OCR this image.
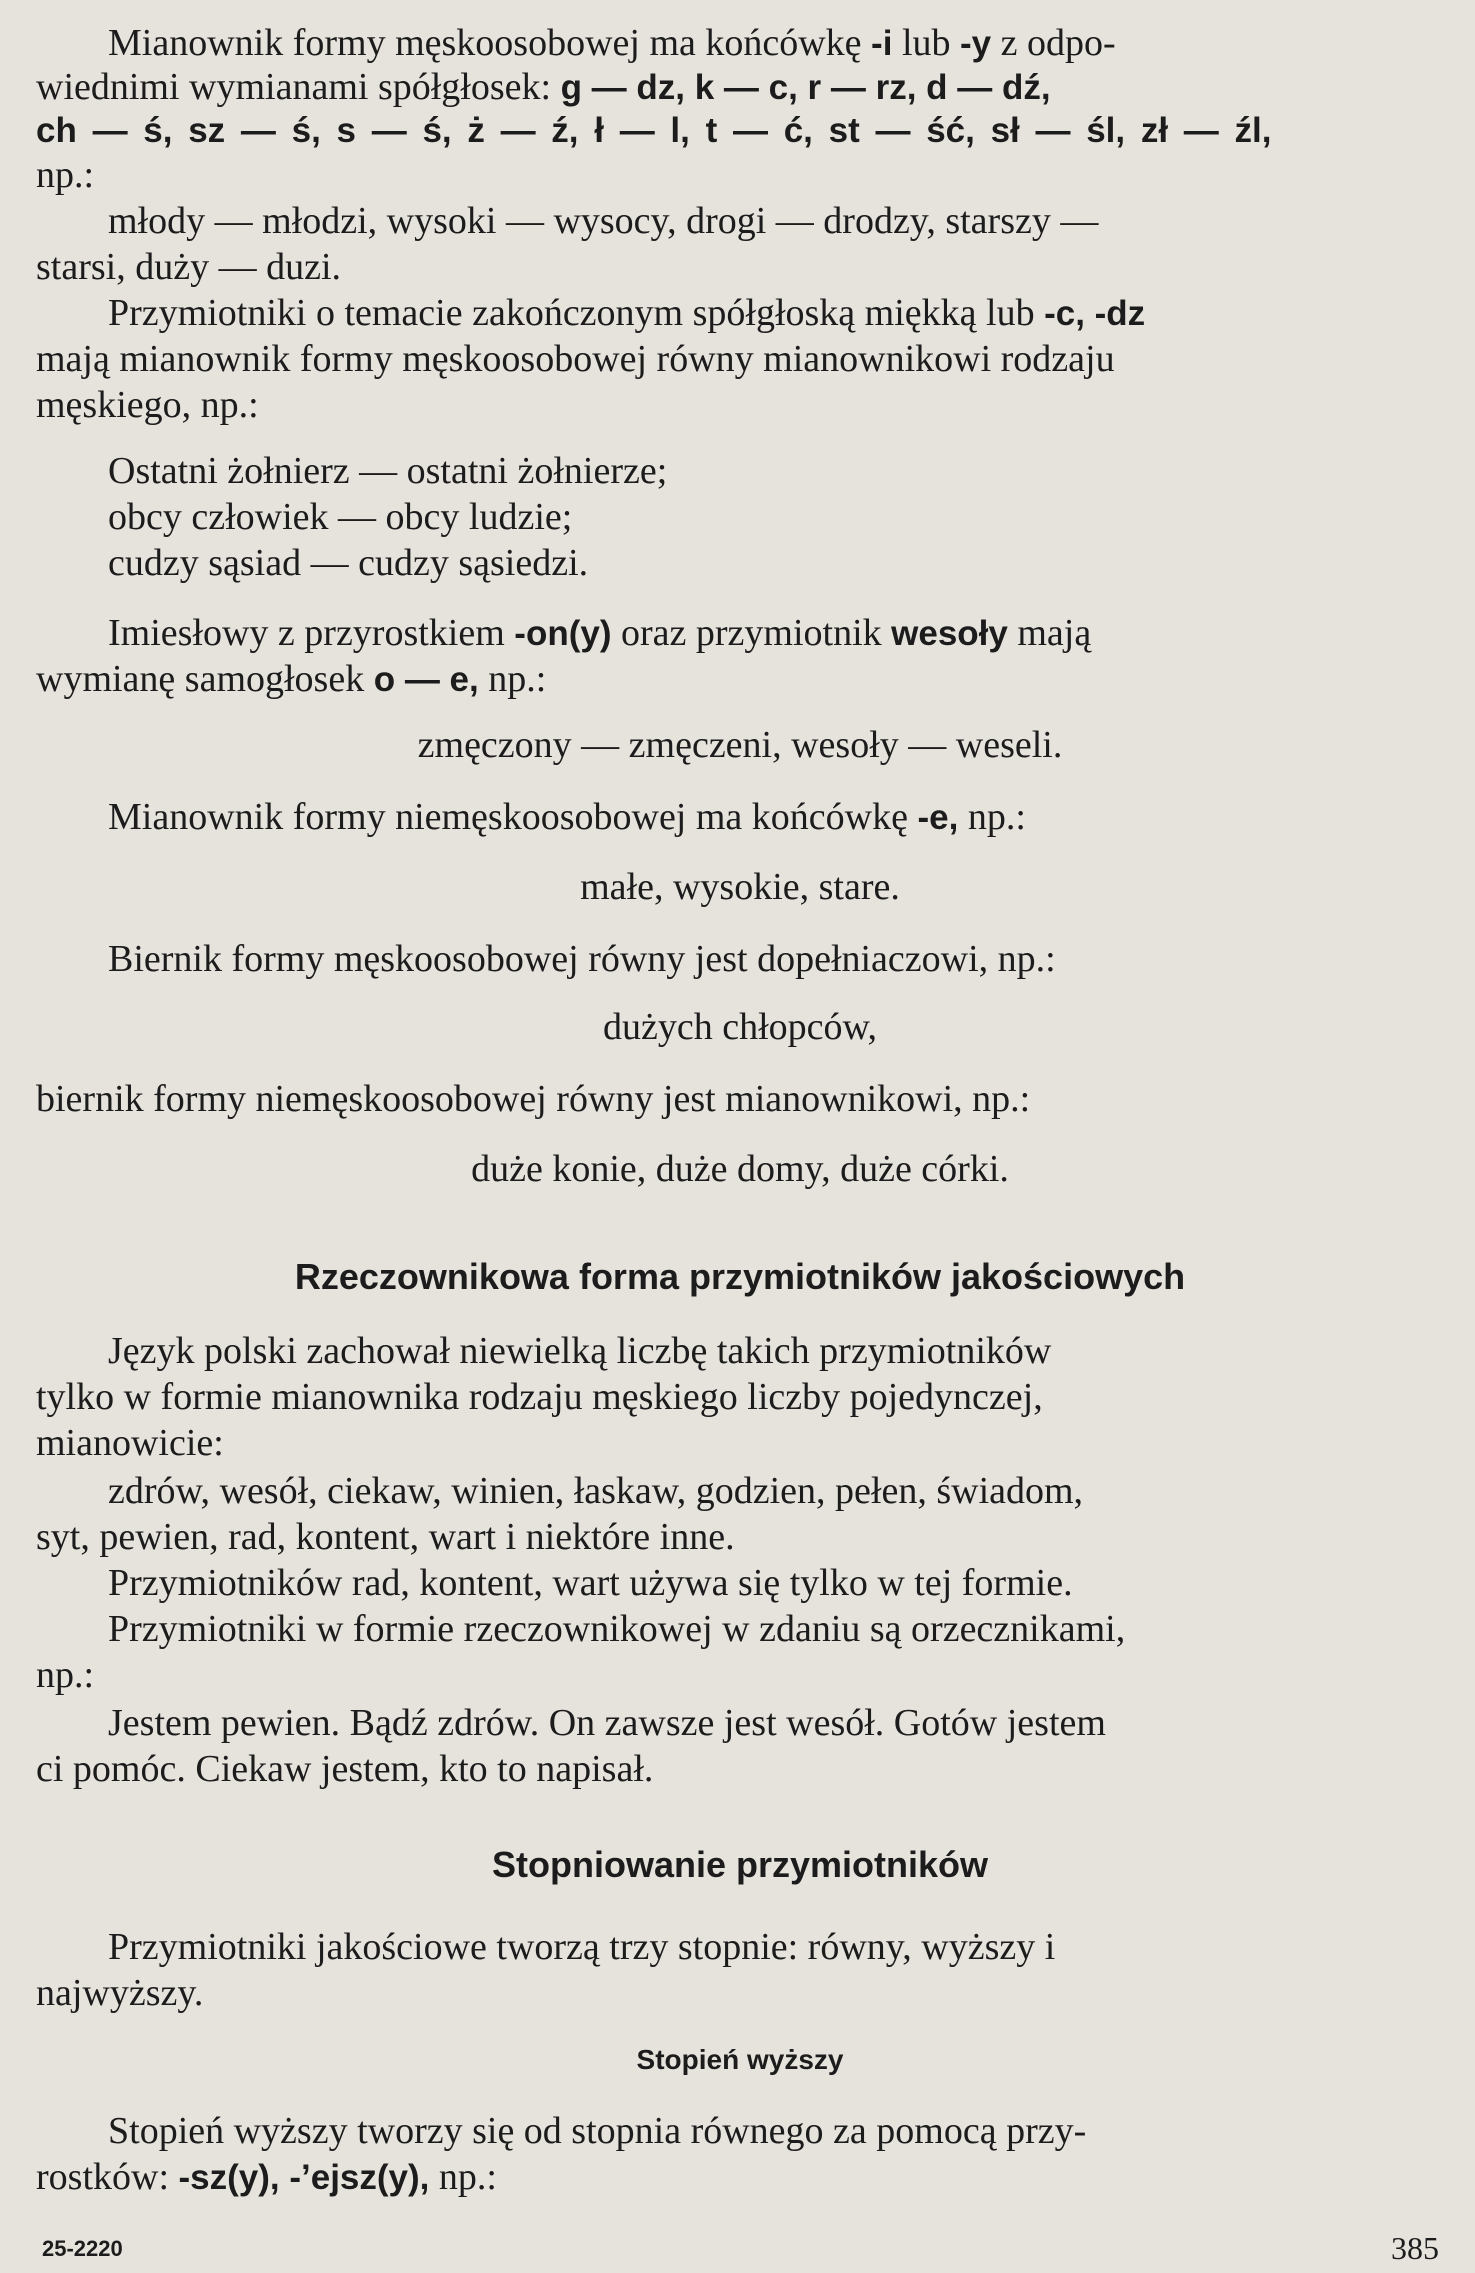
Mianownik formy męskoosobowej ma końcówkę -i lub -y z odpo-
wiednimi wymianami spółgłosek: g — dz, k — c, r — rz, d — dź,
ch — ś, sz — ś, s — ś, ż — ź, ł — l, t — ć, st — ść, sł — śl, zł — źl,
np.:
młody — młodzi, wysoki — wysocy, drogi — drodzy, starszy —
starsi, duży — duzi.
Przymiotniki o temacie zakończonym spółgłoską miękką lub -c, -dz
mają mianownik formy męskoosobowej równy mianownikowi rodzaju
męskiego, np.:
Ostatni żołnierz — ostatni żołnierze;
obcy człowiek — obcy ludzie;
cudzy sąsiad — cudzy sąsiedzi.
Imiesłowy z przyrostkiem -on(y) oraz przymiotnik wesoły mają
wymianę samogłosek o — e, np.:
zmęczony — zmęczeni, wesoły — weseli.
Mianownik formy niemęskoosobowej ma końcówkę -e, np.:
małe, wysokie, stare.
Biernik formy męskoosobowej równy jest dopełniaczowi, np.:
dużych chłopców,
biernik formy niemęskoosobowej równy jest mianownikowi, np.:
duże konie, duże domy, duże córki.
Rzeczownikowa forma przymiotników jakościowych
Język polski zachował niewielką liczbę takich przymiotników
tylko w formie mianownika rodzaju męskiego liczby pojedynczej,
mianowicie:
zdrów, wesół, ciekaw, winien, łaskaw, godzien, pełen, świadom,
syt, pewien, rad, kontent, wart i niektóre inne.
Przymiotników rad, kontent, wart używa się tylko w tej formie.
Przymiotniki w formie rzeczownikowej w zdaniu są orzecznikami,
np.:
Jestem pewien. Bądź zdrów. On zawsze jest wesół. Gotów jestem
ci pomóc. Ciekaw jestem, kto to napisał.
Stopniowanie przymiotników
Przymiotniki jakościowe tworzą trzy stopnie: równy, wyższy i
najwyższy.
Stopień wyższy
Stopień wyższy tworzy się od stopnia równego za pomocą przy-
rostków: -sz(y), -’ejsz(y), np.:
25-2220	385
